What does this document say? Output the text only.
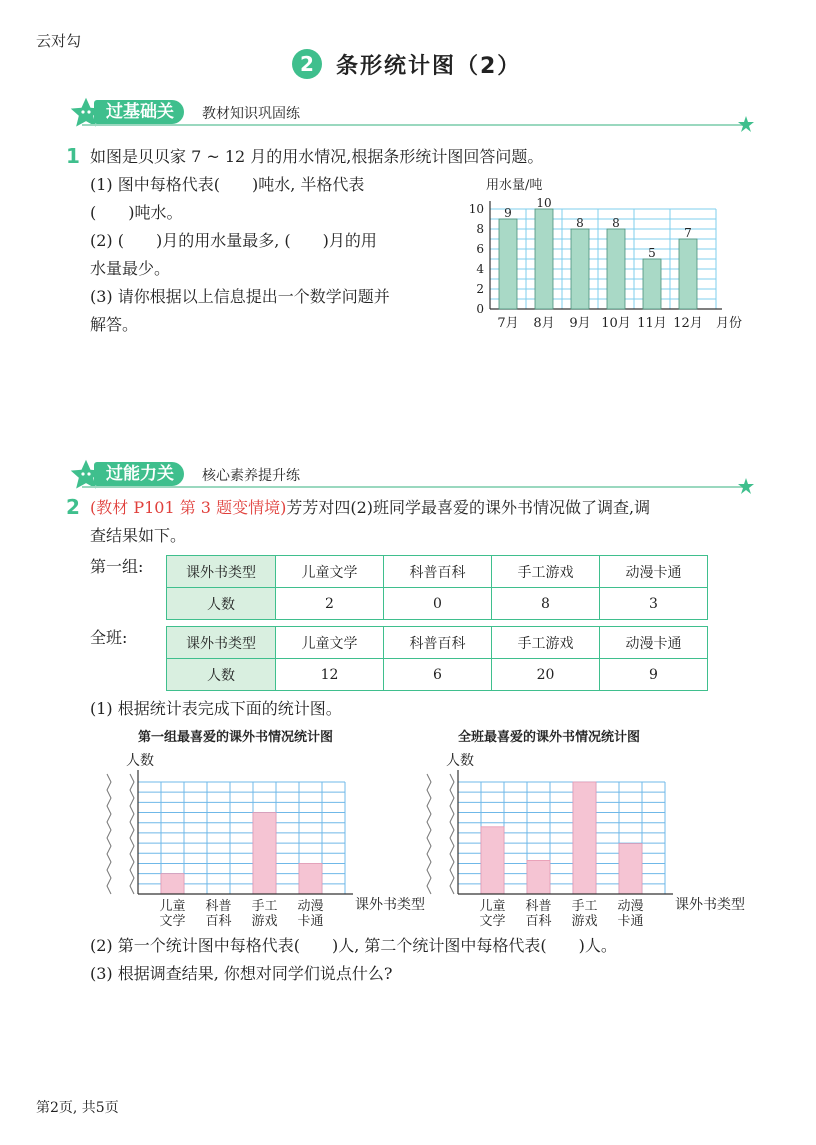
云对勾
2	条形统计图（2）
过基础关	教材知识巩固练
1 如图是贝贝家 7 ~ 12 月的用水情况,根据条形统计图回答问题。
(1) 图中每格代表(　　)吨水, 半格代表
(　　)吨水。
(2) (　　)月的用水量最多, (　　)月的用
水量最少。
(3) 请你根据以上信息提出一个数学问题并
解答。
用水量/吨
月份
0
2
4
6
8
10 9
7月
10
8月
8
9月
8
10月
5
11月
7
12月
过能力关	核心素养提升练
2 (教材 P101 第 3 题变情境)芳芳对四(2)班同学最喜爱的课外书情况做了调查,调
查结果如下。
第一组:	课外书类型	儿童文学	科普百科	手工游戏	动漫卡通
人数	2	0	8	3
全班:	课外书类型	儿童文学	科普百科	手工游戏	动漫卡通
人数	12	6	20	9
(1) 根据统计表完成下面的统计图。
第一组最喜爱的课外书情况统计图
人数
儿童
文学
科普
百科
手工
游戏
动漫
卡通
课外书类型
全班最喜爱的课外书情况统计图
人数
儿童
文学
科普
百科
手工
游戏
动漫
卡通
课外书类型
(2) 第一个统计图中每格代表(　　)人, 第二个统计图中每格代表(　　)人。
(3) 根据调查结果, 你想对同学们说点什么?
第2页, 共5页
